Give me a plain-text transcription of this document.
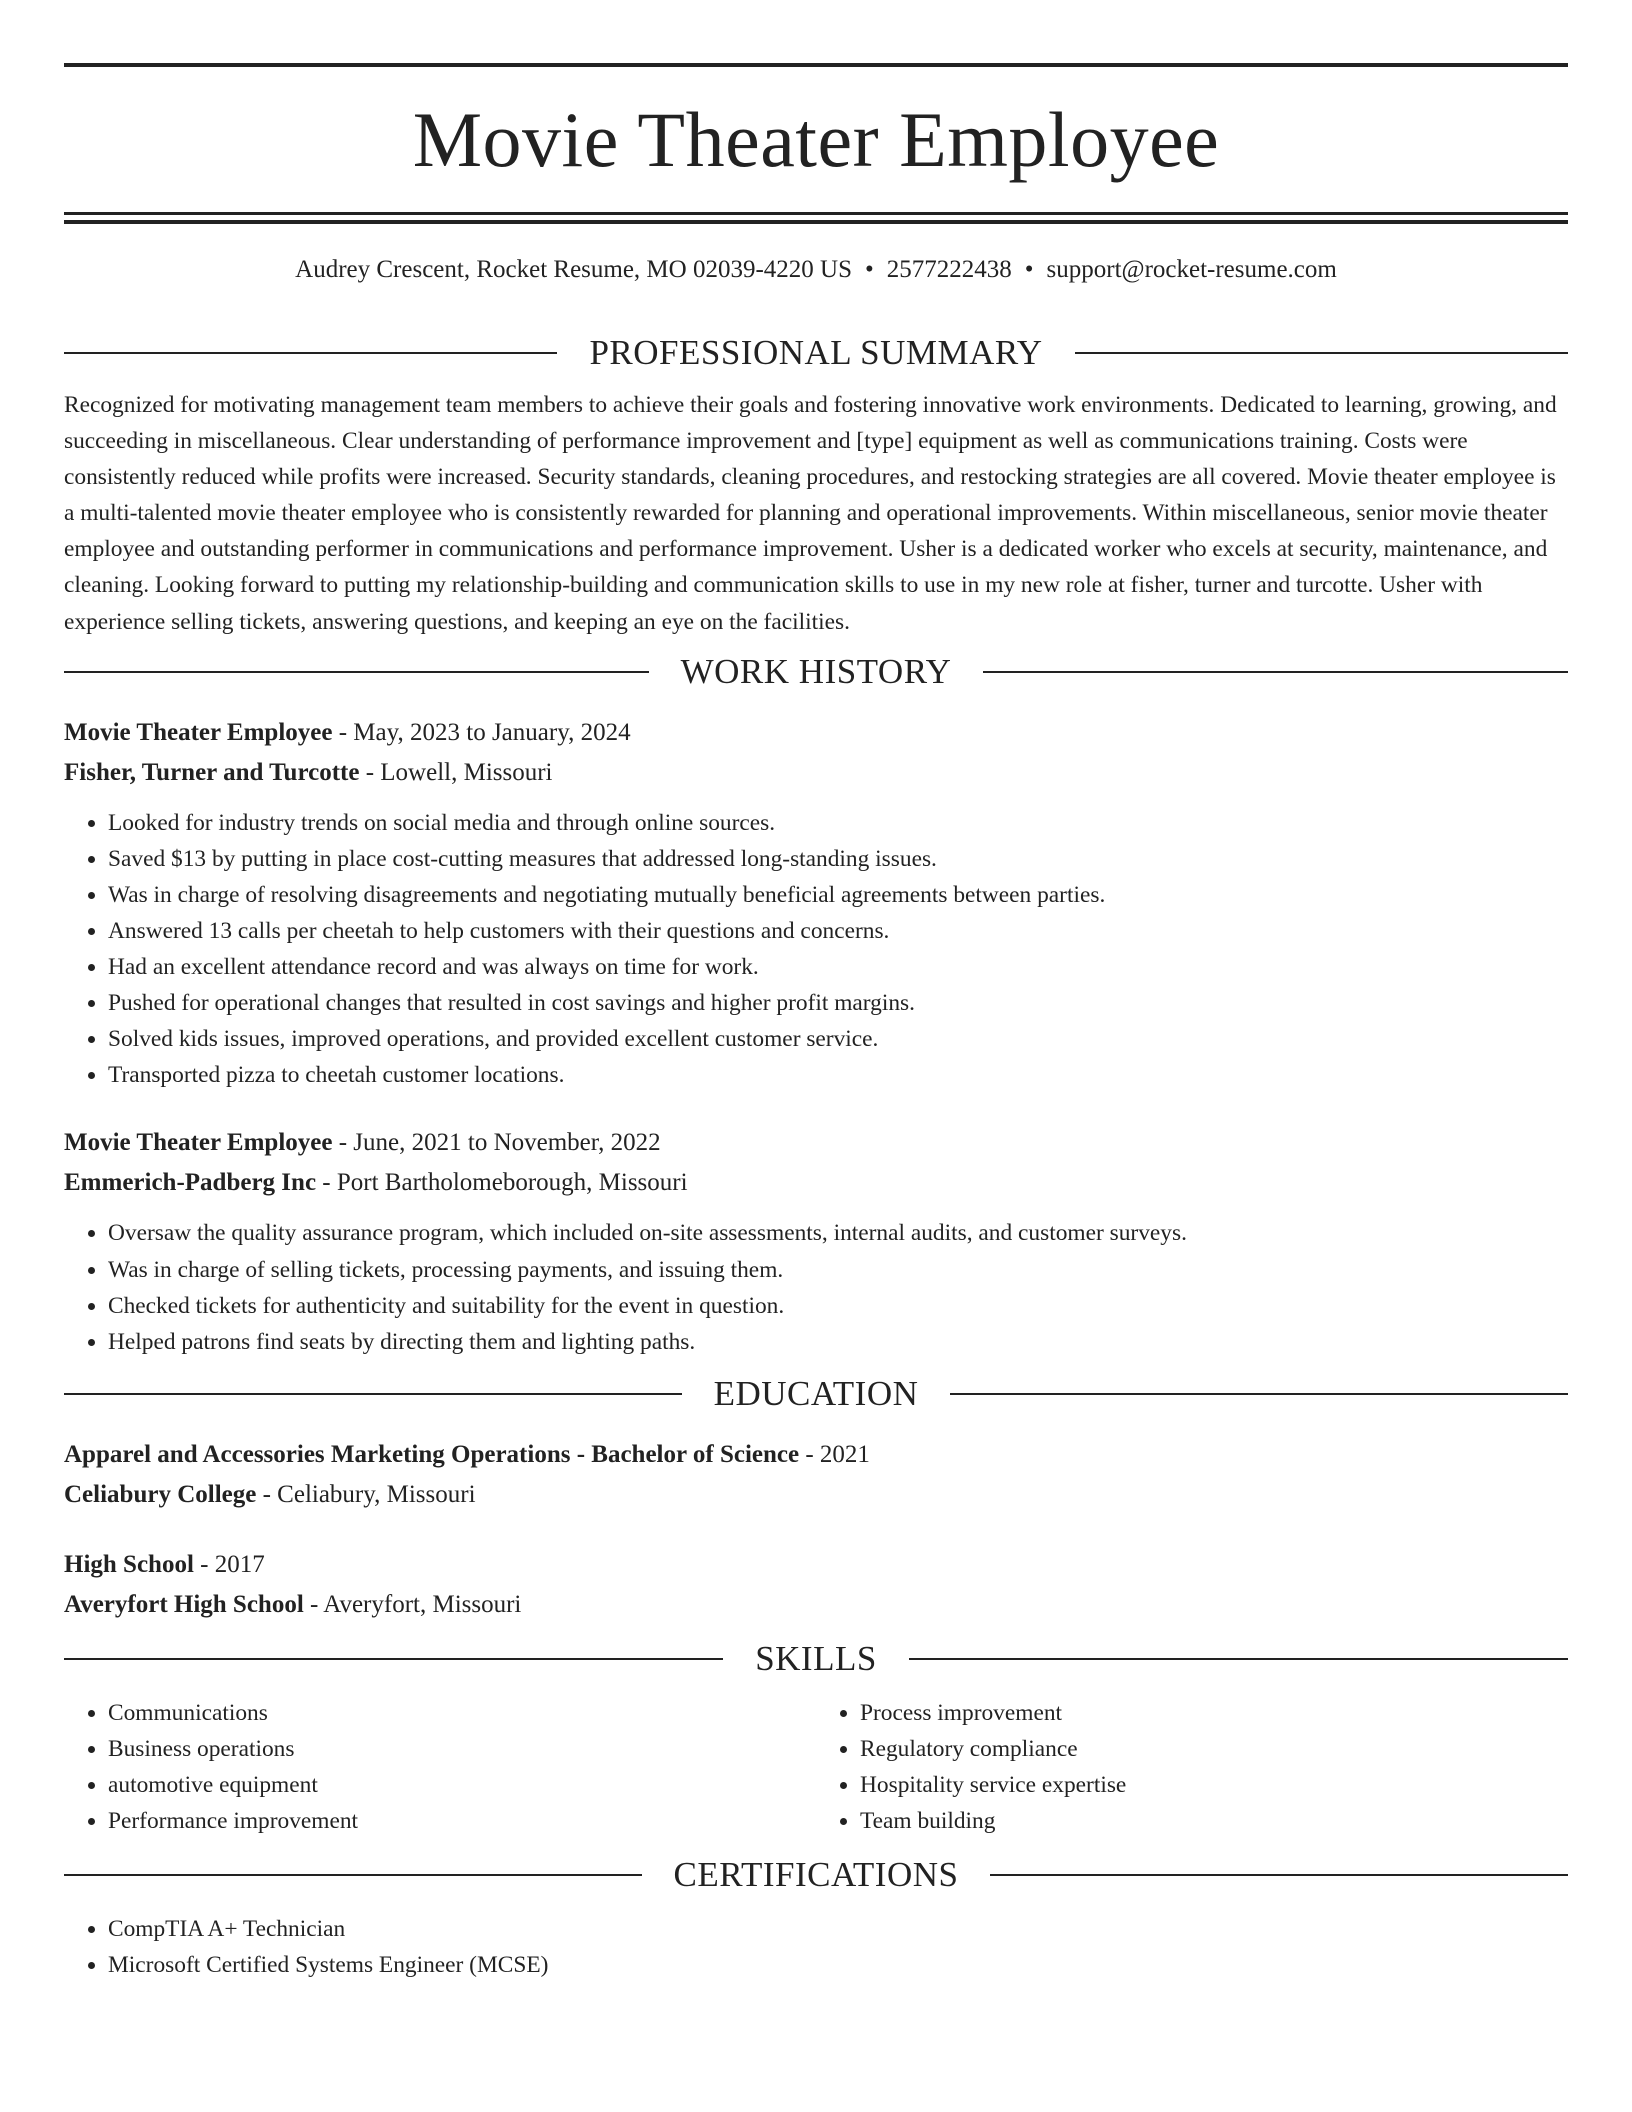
Movie Theater Employee
Audrey Crescent, Rocket Resume, MO 02039-4220 US • 2577222438 • support@rocket-resume.com
PROFESSIONAL SUMMARY

Recognized for motivating management team members to achieve their goals and fostering innovative work environments. Dedicated to learning, growing, and succeeding in miscellaneous. Clear understanding of performance improvement and [type] equipment as well as communications training. Costs were consistently reduced while profits were increased. Security standards, cleaning procedures, and restocking strategies are all covered. Movie theater employee is a multi-talented movie theater employee who is consistently rewarded for planning and operational improvements. Within miscellaneous, senior movie theater employee and outstanding performer in communications and performance improvement. Usher is a dedicated worker who excels at security, maintenance, and cleaning. Looking forward to putting my relationship-building and communication skills to use in my new role at fisher, turner and turcotte. Usher with experience selling tickets, answering questions, and keeping an eye on the facilities.

WORK HISTORY
Movie Theater Employee - May, 2023 to January, 2024
Fisher, Turner and Turcotte - Lowell, Missouri
• Looked for industry trends on social media and through online sources.
• Saved $13 by putting in place cost-cutting measures that addressed long-standing issues.
• Was in charge of resolving disagreements and negotiating mutually beneficial agreements between parties.
• Answered 13 calls per cheetah to help customers with their questions and concerns.
• Had an excellent attendance record and was always on time for work.
• Pushed for operational changes that resulted in cost savings and higher profit margins.
• Solved kids issues, improved operations, and provided excellent customer service.
• Transported pizza to cheetah customer locations.
Movie Theater Employee - June, 2021 to November, 2022
Emmerich-Padberg Inc - Port Bartholomeborough, Missouri
• Oversaw the quality assurance program, which included on-site assessments, internal audits, and customer surveys.
• Was in charge of selling tickets, processing payments, and issuing them.
• Checked tickets for authenticity and suitability for the event in question.
• Helped patrons find seats by directing them and lighting paths.
EDUCATION
Apparel and Accessories Marketing Operations - Bachelor of Science - 2021
Celiabury College - Celiabury, Missouri
High School - 2017
Averyfort High School - Averyfort, Missouri
SKILLS
• Communications
• Business operations
• automotive equipment
• Performance improvement
• Process improvement
• Regulatory compliance
• Hospitality service expertise
• Team building
CERTIFICATIONS
• CompTIA A+ Technician
• Microsoft Certified Systems Engineer (MCSE)
